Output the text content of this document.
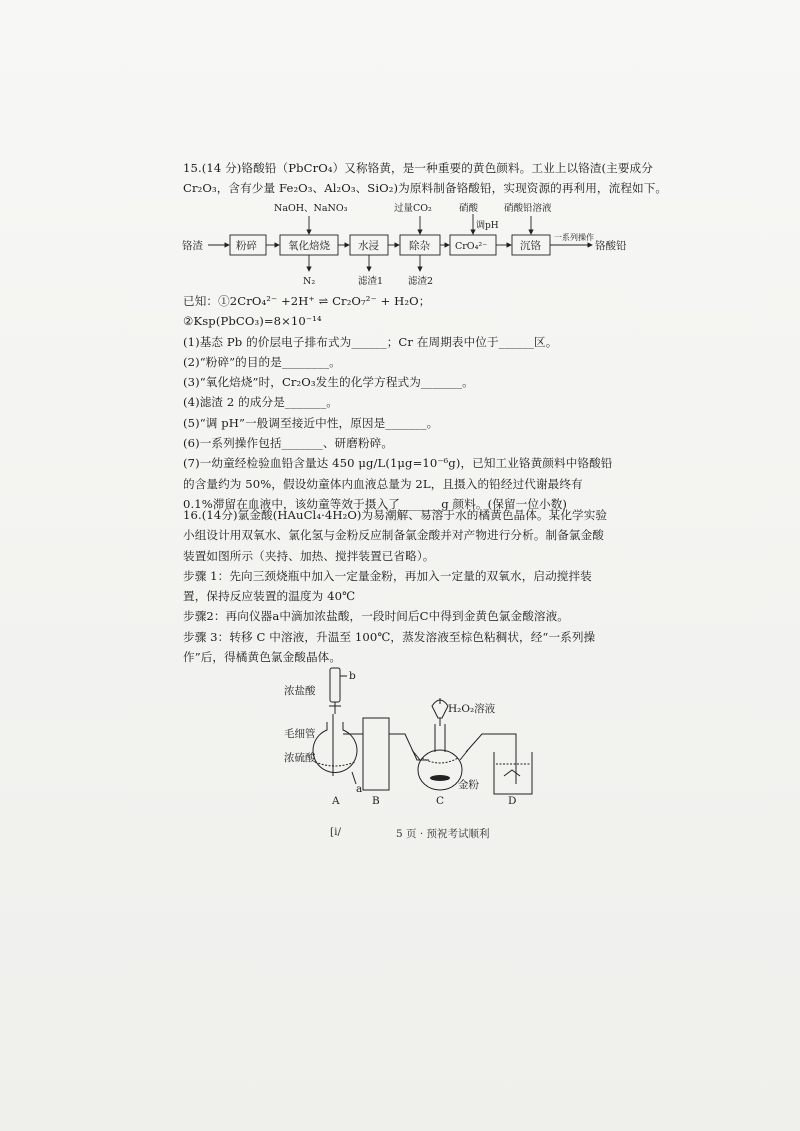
15.(14 分)铬酸铅（PbCrO₄）又称铬黄，是一种重要的黄色颜料。工业上以铬渣(主要成分
Cr₂O₃，含有少量 Fe₂O₃、Al₂O₃、SiO₂)为原料制备铬酸铅，实现资源的再利用，流程如下。
铬渣	粉碎	氧化焙烧	水浸	除杂	CrO₄²⁻	沉铬	铬酸铅
NaOH、NaNO₃	过量CO₂	硝酸
调pH
硝酸铅溶液
一系列操作
N₂	滤渣1	滤渣2
已知：①2CrO₄²⁻ +2H⁺ ⇌ Cr₂O₇²⁻ + H₂O；
②Ksp(PbCO₃)=8×10⁻¹⁴
(1)基态 Pb 的价层电子排布式为______；Cr 在周期表中位于______区。
(2)“粉碎”的目的是________。
(3)“氧化焙烧”时，Cr₂O₃发生的化学方程式为_______。
(4)滤渣 2 的成分是_______。
(5)“调 pH”一般调至接近中性，原因是_______。
(6)一系列操作包括_______、研磨粉碎。
(7)一幼童经检验血铅含量达 450 μg/L(1μg=10⁻⁶g)，已知工业铬黄颜料中铬酸铅的含量约为 50%，假设幼童体内血液总量为 2L，且摄入的铅经过代谢最终有 0.1%滞留在血液中，该幼童等效于摄入了_______g 颜料。(保留一位小数)
16.(14分)氯金酸(HAuCl₄·4H₂O)为易潮解、易溶于水的橘黄色晶体。某化学实验小组设计用双氧水、氯化氢与金粉反应制备氯金酸并对产物进行分析。制备氯金酸装置如图所示（夹持、加热、搅拌装置已省略）。
步骤 1：先向三颈烧瓶中加入一定量金粉，再加入一定量的双氧水，启动搅拌装置，保持反应装置的温度为 40℃
步骤2：再向仪器a中滴加浓盐酸，一段时间后C中得到金黄色氯金酸溶液。
步骤 3：转移 C 中溶液，升温至 100℃，蒸发溶液至棕色粘稠状，经“一系列操作”后，得橘黄色氯金酸晶体。
浓盐酸
毛细管
浓硫酸
b
a
H₂O₂溶液
金粉
A	B	C	D
[i/	5 页 · 预祝考试顺利
